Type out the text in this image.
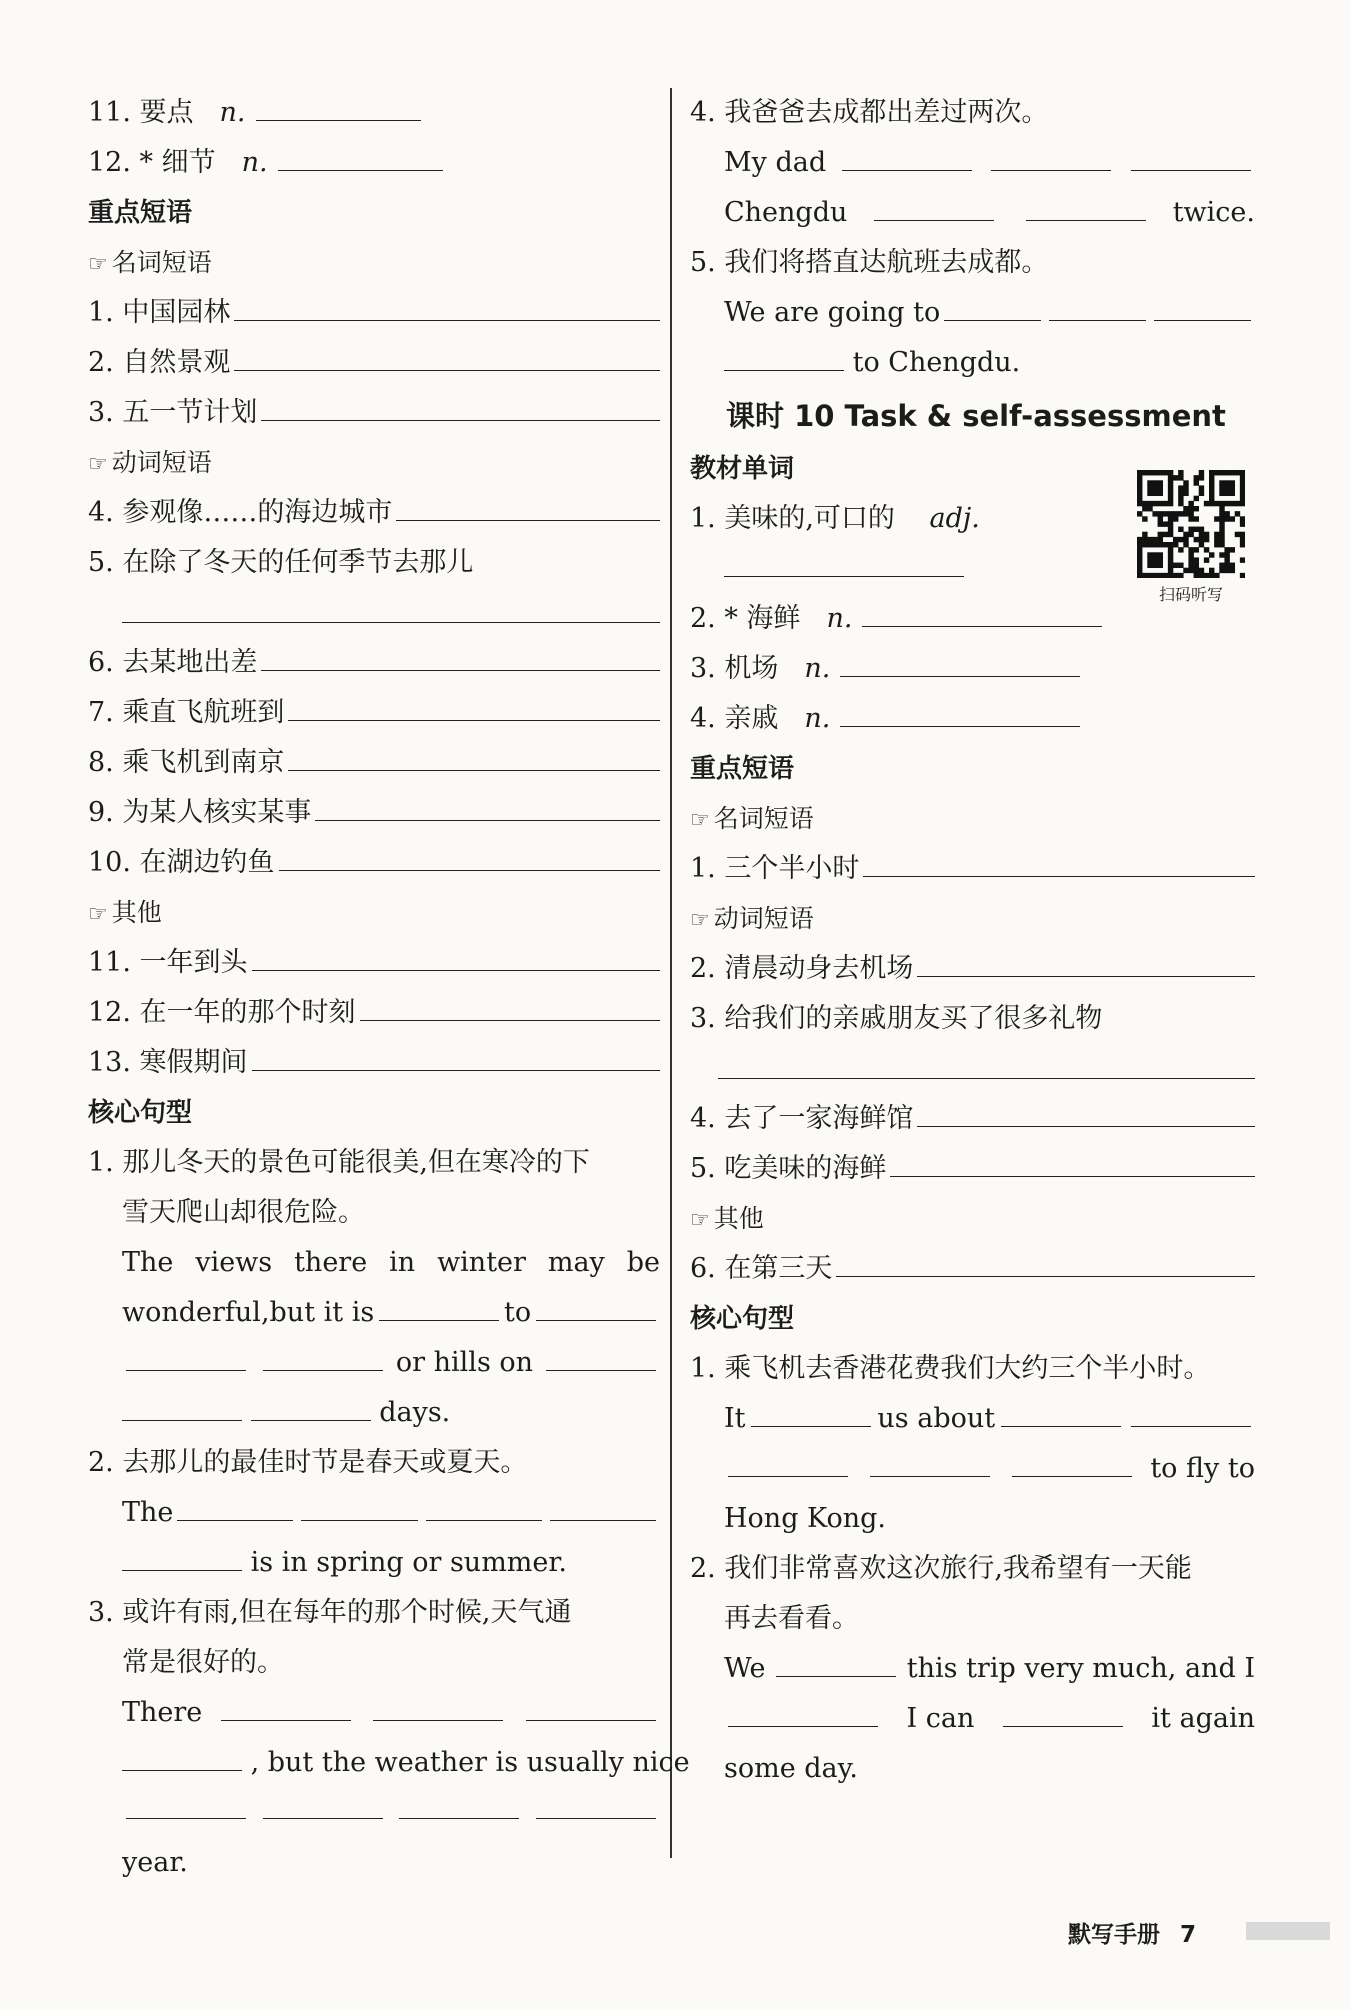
11. 要点 n.
12. * 细节 n.
重点短语
☞ 名词短语
1. 中国园林
2. 自然景观
3. 五一节计划
☞ 动词短语
4. 参观像……的海边城市
5. 在除了冬天的任何季节去那儿
6. 去某地出差
7. 乘直飞航班到
8. 乘飞机到南京
9. 为某人核实某事
10. 在湖边钓鱼
☞ 其他
11. 一年到头
12. 在一年的那个时刻
13. 寒假期间
核心句型
1. 那儿冬天的景色可能很美,但在寒冷的下
雪天爬山却很危险。
The views there in winter may be
wonderful,but it is	to
or hills on
days.
2. 去那儿的最佳时节是春天或夏天。
The
is in spring or summer.
3. 或许有雨,但在每年的那个时候,天气通
常是很好的。
There
, but the weather is usually nice
year.
4. 我爸爸去成都出差过两次。
My dad
Chengdu	twice.
5. 我们将搭直达航班去成都。
We are going to
to Chengdu.
课时 10 Task & self-assessment
教材单词
1. 美味的,可口的 adj.
2. * 海鲜 n.
3. 机场 n.
4. 亲戚 n.
重点短语
☞ 名词短语
1. 三个半小时
☞ 动词短语
2. 清晨动身去机场
3. 给我们的亲戚朋友买了很多礼物
4. 去了一家海鲜馆
5. 吃美味的海鲜
☞ 其他
6. 在第三天
核心句型
1. 乘飞机去香港花费我们大约三个半小时。
It	us about
to fly to
Hong Kong.
2. 我们非常喜欢这次旅行,我希望有一天能
再去看看。
We	this trip very much, and I
I can	it again
some day.
扫码听写
默写手册 7
